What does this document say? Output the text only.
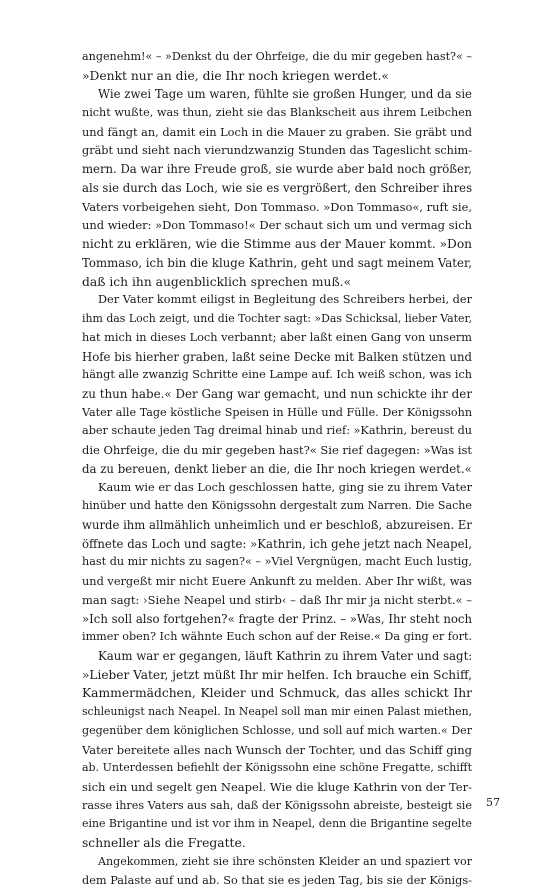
angenehm!« – »Denkst du der Ohrfeige, die du mir gegeben hast?« –
»Denkt nur an die, die Ihr noch kriegen werdet.«
Wie zwei Tage um waren, fühlte sie großen Hunger, und da sie
nicht wußte, was thun, zieht sie das Blankscheit aus ihrem Leibchen
und fängt an, damit ein Loch in die Mauer zu graben. Sie gräbt und
gräbt und sieht nach vierundzwanzig Stunden das Tageslicht schim-
mern. Da war ihre Freude groß, sie wurde aber bald noch größer,
als sie durch das Loch, wie sie es vergrößert, den Schreiber ihres
Vaters vorbeigehen sieht, Don Tommaso. »Don Tommaso«, ruft sie,
und wieder: »Don Tommaso!« Der schaut sich um und vermag sich
nicht zu erklären, wie die Stimme aus der Mauer kommt. »Don
Tommaso, ich bin die kluge Kathrin, geht und sagt meinem Vater,
daß ich ihn augenblicklich sprechen muß.«
Der Vater kommt eiligst in Begleitung des Schreibers herbei, der
ihm das Loch zeigt, und die Tochter sagt: »Das Schicksal, lieber Vater,
hat mich in dieses Loch verbannt; aber laßt einen Gang von unserm
Hofe bis hierher graben, laßt seine Decke mit Balken stützen und
hängt alle zwanzig Schritte eine Lampe auf. Ich weiß schon, was ich
zu thun habe.« Der Gang war gemacht, und nun schickte ihr der
Vater alle Tage köstliche Speisen in Hülle und Fülle. Der Königssohn
aber schaute jeden Tag dreimal hinab und rief: »Kathrin, bereust du
die Ohrfeige, die du mir gegeben hast?« Sie rief dagegen: »Was ist
da zu bereuen, denkt lieber an die, die Ihr noch kriegen werdet.«
Kaum wie er das Loch geschlossen hatte, ging sie zu ihrem Vater
hinüber und hatte den Königssohn dergestalt zum Narren. Die Sache
wurde ihm allmählich unheimlich und er beschloß, abzureisen. Er
öffnete das Loch und sagte: »Kathrin, ich gehe jetzt nach Neapel,
hast du mir nichts zu sagen?« – »Viel Vergnügen, macht Euch lustig,
und vergeßt mir nicht Euere Ankunft zu melden. Aber Ihr wißt, was
man sagt: ›Siehe Neapel und stirb‹ – daß Ihr mir ja nicht sterbt.« –
»Ich soll also fortgehen?« fragte der Prinz. – »Was, Ihr steht noch
immer oben? Ich wähnte Euch schon auf der Reise.« Da ging er fort.
Kaum war er gegangen, läuft Kathrin zu ihrem Vater und sagt:
»Lieber Vater, jetzt müßt Ihr mir helfen. Ich brauche ein Schiff,
Kammermädchen, Kleider und Schmuck, das alles schickt Ihr
schleunigst nach Neapel. In Neapel soll man mir einen Palast miethen,
gegenüber dem königlichen Schlosse, und soll auf mich warten.« Der
Vater bereitete alles nach Wunsch der Tochter, und das Schiff ging
ab. Unterdessen befiehlt der Königssohn eine schöne Fregatte, schifft
sich ein und segelt gen Neapel. Wie die kluge Kathrin von der Ter-
rasse ihres Vaters aus sah, daß der Königssohn abreiste, besteigt sie
eine Brigantine und ist vor ihm in Neapel, denn die Brigantine segelte
schneller als die Fregatte.
Angekommen, zieht sie ihre schönsten Kleider an und spaziert vor
dem Palaste auf und ab. So that sie es jeden Tag, bis sie der Königs-
57
